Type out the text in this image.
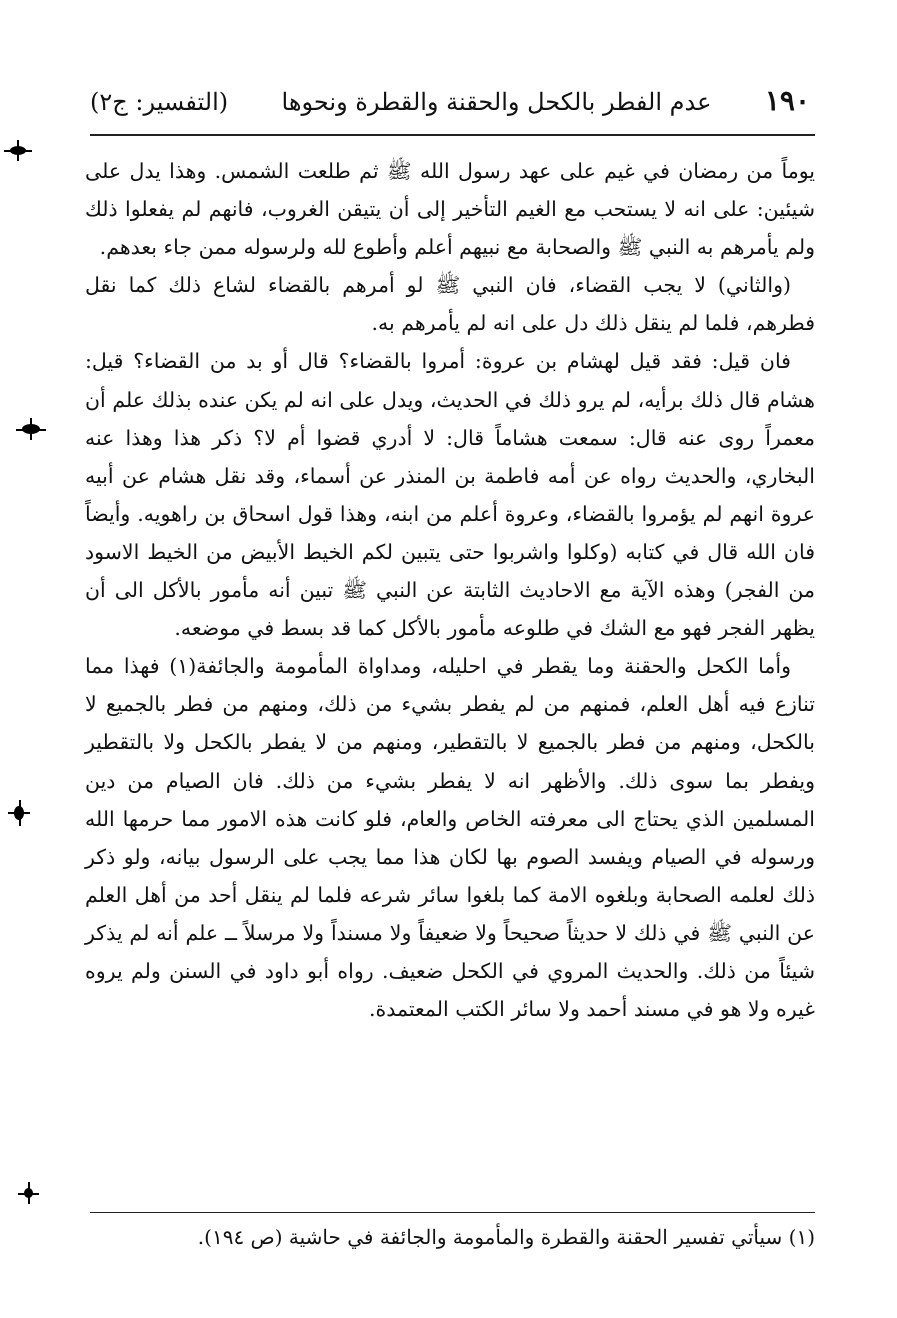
١٩٠
عدم الفطر بالكحل والحقنة والقطرة ونحوها
(التفسير: ج٢)

يوماً من رمضان في غيم على عهد رسول الله ﷺ ثم طلعت الشمس. وهذا يدل على شيئين: على انه لا يستحب مع الغيم التأخير إلى أن يتيقن الغروب، فانهم لم يفعلوا ذلك ولم يأمرهم به النبي ﷺ والصحابة مع نبيهم أعلم وأطوع لله ولرسوله ممن جاء بعدهم.

(والثاني) لا يجب القضاء، فان النبي ﷺ لو أمرهم بالقضاء لشاع ذلك كما نقل فطرهم، فلما لم ينقل ذلك دل على انه لم يأمرهم به.

فان قيل: فقد قيل لهشام بن عروة: أمروا بالقضاء؟ قال أو بد من القضاء؟ قيل: هشام قال ذلك برأيه، لم يرو ذلك في الحديث، ويدل على انه لم يكن عنده بذلك علم أن معمراً روى عنه قال: سمعت هشاماً قال: لا أدري قضوا أم لا؟ ذكر هذا وهذا عنه البخاري، والحديث رواه عن أمه فاطمة بن المنذر عن أسماء، وقد نقل هشام عن أبيه عروة انهم لم يؤمروا بالقضاء، وعروة أعلم من ابنه، وهذا قول اسحاق بن راهويه. وأيضاً فان الله قال في كتابه (وكلوا واشربوا حتى يتبين لكم الخيط الأبيض من الخيط الاسود من الفجر) وهذه الآية مع الاحاديث الثابتة عن النبي ﷺ تبين أنه مأمور بالأكل الى أن يظهر الفجر فهو مع الشك في طلوعه مأمور بالأكل كما قد بسط في موضعه.

وأما الكحل والحقنة وما يقطر في احليله، ومداواة المأمومة والجائفة(١) فهذا مما تنازع فيه أهل العلم، فمنهم من لم يفطر بشيء من ذلك، ومنهم من فطر بالجميع لا بالكحل، ومنهم من فطر بالجميع لا بالتقطير، ومنهم من لا يفطر بالكحل ولا بالتقطير ويفطر بما سوى ذلك. والأظهر انه لا يفطر بشيء من ذلك. فان الصيام من دين المسلمين الذي يحتاج الى معرفته الخاص والعام، فلو كانت هذه الامور مما حرمها الله ورسوله في الصيام ويفسد الصوم بها لكان هذا مما يجب على الرسول بيانه، ولو ذكر ذلك لعلمه الصحابة وبلغوه الامة كما بلغوا سائر شرعه فلما لم ينقل أحد من أهل العلم عن النبي ﷺ في ذلك لا حديثاً صحيحاً ولا ضعيفاً ولا مسنداً ولا مرسلاً ــ علم أنه لم يذكر شيئاً من ذلك. والحديث المروي في الكحل ضعيف. رواه أبو داود في السنن ولم يروه غيره ولا هو في مسند أحمد ولا سائر الكتب المعتمدة.

(١) سيأتي تفسير الحقنة والقطرة والمأمومة والجائفة في حاشية (ص ١٩٤).
